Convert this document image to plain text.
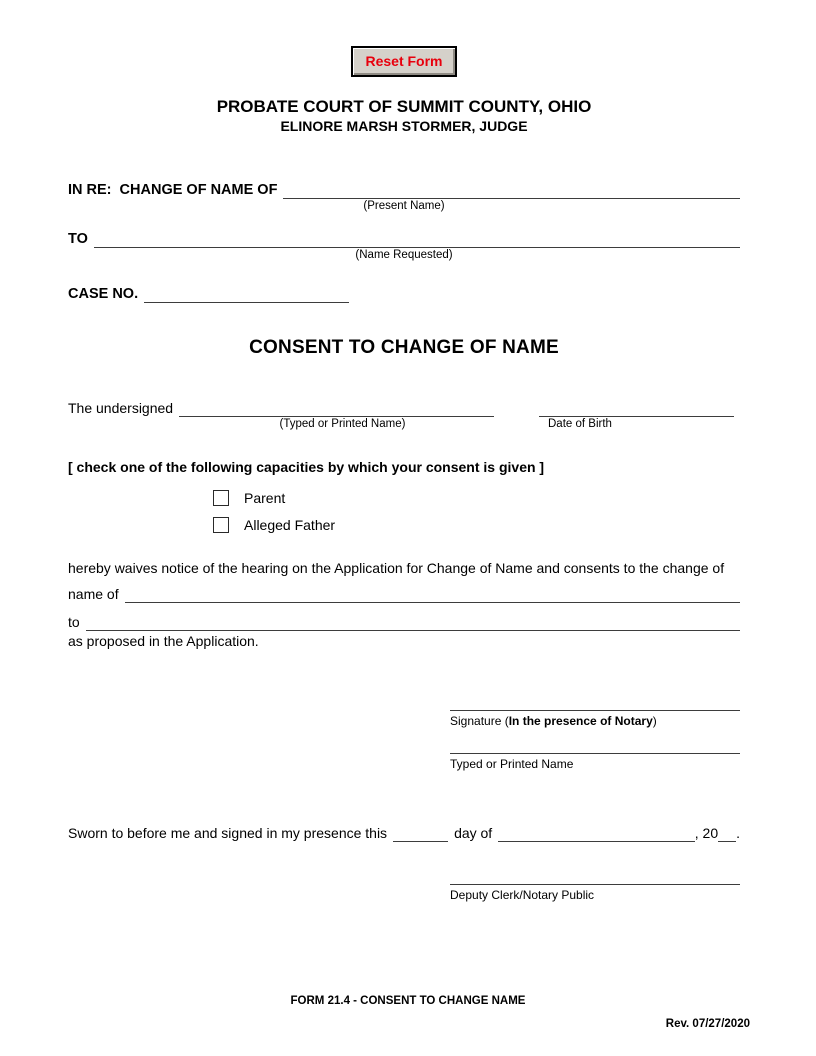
Reset Form
PROBATE COURT OF SUMMIT COUNTY, OHIO
ELINORE MARSH STORMER, JUDGE
IN RE:  CHANGE OF NAME OF
(Present Name)
TO
(Name Requested)
CASE NO.
CONSENT TO CHANGE OF NAME
The undersigned
(Typed or Printed Name)	Date of Birth
[ check one of the following capacities by which your consent is given ]
Parent
Alleged Father
hereby waives notice of the hearing on the Application for Change of Name and consents to the change of
name of
to
as proposed in the Application.
Signature (In the presence of Notary)
Typed or Printed Name
Sworn to before me and signed in my presence this	day of	, 20 .
Deputy Clerk/Notary Public
FORM 21.4 - CONSENT TO CHANGE NAME
Rev. 07/27/2020
